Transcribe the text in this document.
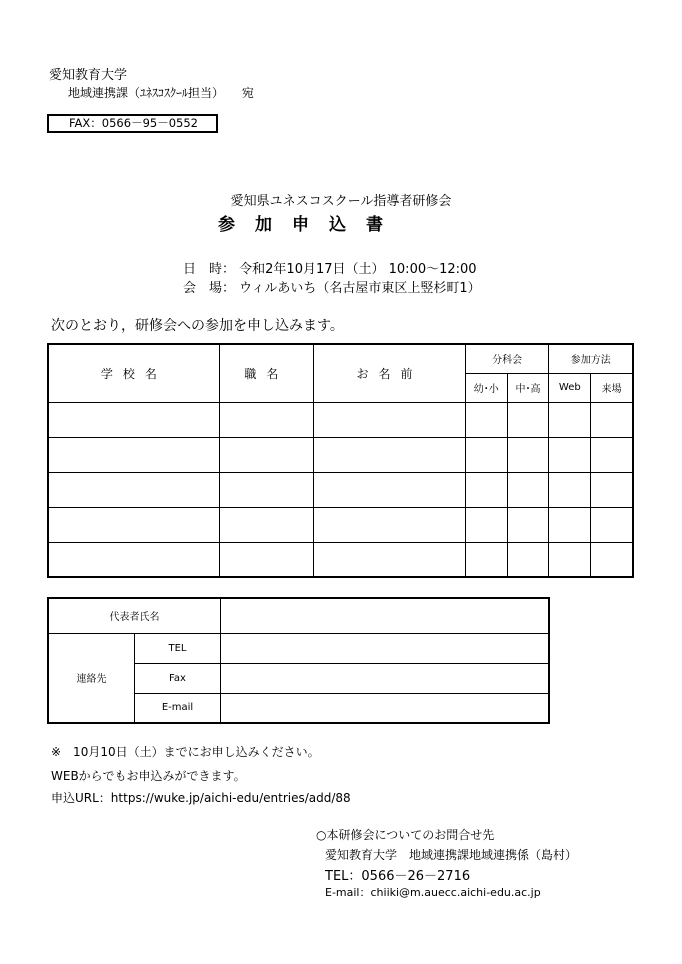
愛知教育大学
地域連携課（ﾕﾈｽｺｽｸｰﾙ担当） 宛
FAX：0566－95－0552
愛知県ユネスコスクール指導者研修会
参加申込書
日　時： 令和2年10月17日（土） 10:00～12:00
会　場： ウィルあいち（名古屋市東区上竪杉町1）
次のとおり，研修会への参加を申し込みます。
学校名	職名	お名前	分科会		参加方法	
			幼･小	中･高	Web	来場

代表者氏名		
連絡先	TEL	
	Fax	
	E-mail	
※　10月10日（土）までにお申し込みください。
WEBからでもお申込みができます。
申込URL：https://wuke.jp/aichi-edu/entries/add/88
○本研修会についてのお問合せ先
愛知教育大学　地域連携課地域連携係（島村）
TEL：0566－26－2716
E-mail：chiiki@m.auecc.aichi-edu.ac.jp
